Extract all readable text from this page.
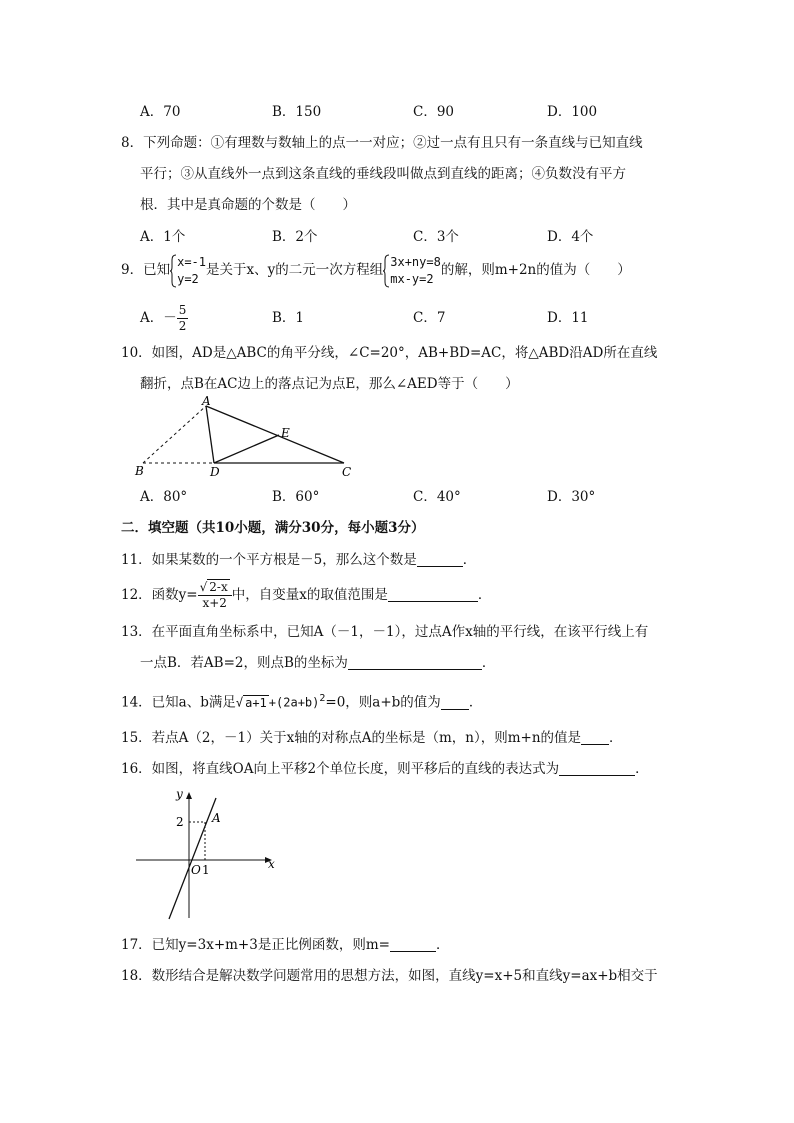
A．70	B．150	C．90	D．100
8．下列命题：①有理数与数轴上的点一一对应；②过一点有且只有一条直线与已知直线
平行；③从直线外一点到这条直线的垂线段叫做点到直线的距离；④负数没有平方
根．其中是真命题的个数是（　　）
A．1个	B．2个	C．3个	D．4个
9．已知
x=-1
y=2
是关于x、y的二元一次方程组
3x+ny=8
mx-y=2
的解，则m+2n的值为（　　）
A．－ $\frac{5}{2}$	B．1	C．7	D．11
10．如图，AD是△ABC的角平分线，∠C=20°，AB+BD=AC，将△ABD沿AD所在直线
翻折，点B在AC边上的落点记为点E，那么∠AED等于（　　）
A
B	D
E
C
A．80°	B．60°	C．40°	D．30°
二．填空题（共10小题，满分30分，每小题3分）
11．如果某数的一个平方根是－5，那么这个数是	．
12．函数$y= \frac{√ 2-x}{x+2}$ 中，自变量x的取值范围是	．
13．在平面直角坐标系中，已知A（－1，－1），过点A作x轴的平行线，在该平行线上有
一点B．若AB=2，则点B的坐标为	．
14．已知a、b满足√ $a+1 +(2a+b)^2=0$，则a+b的值为 ．
15．若点A（2，－1）关于x轴的对称点A的坐标是（m，n），则m+n的值是 ．
16．如图，将直线OA向上平移2个单位长度，则平移后的直线的表达式为	．
y
x
2 A
O 1
17．已知y=3x+m+3是正比例函数，则m=	．
18．数形结合是解决数学问题常用的思想方法，如图，直线y=x+5和直线y=ax+b相交于
